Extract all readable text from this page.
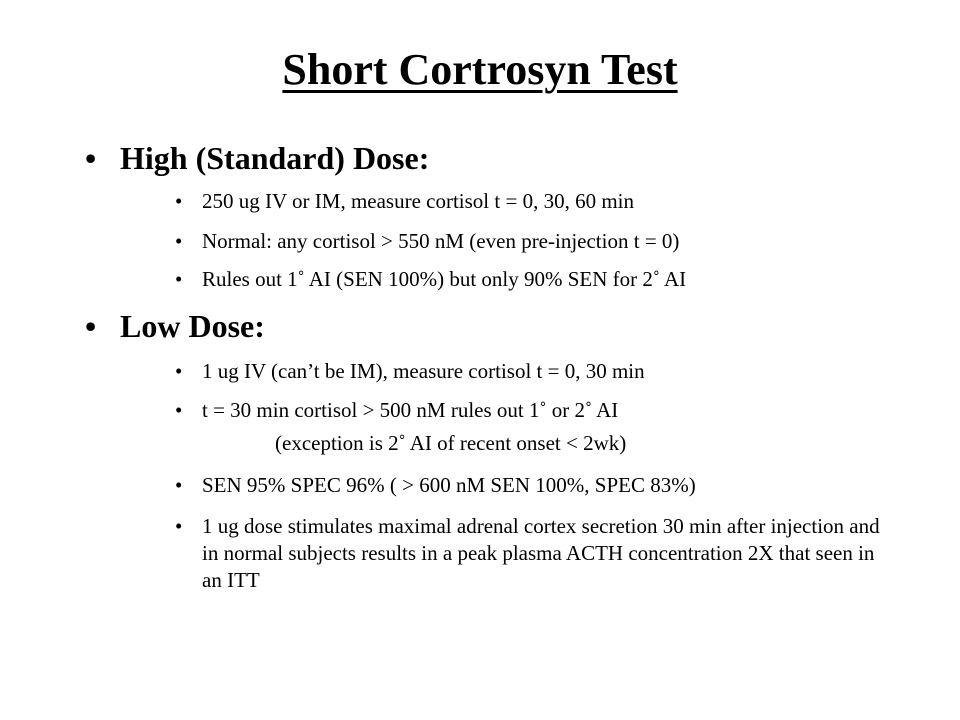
Short Cortrosyn Test
• High (Standard) Dose:
• 250 ug IV or IM, measure cortisol t = 0, 30, 60 min
• Normal: any cortisol > 550 nM (even pre-injection t = 0)
• Rules out 1˚ AI (SEN 100%) but only 90% SEN for 2˚ AI
• Low Dose:
• 1 ug IV (can’t be IM), measure cortisol t = 0, 30 min
• t = 30 min cortisol > 500 nM rules out 1˚ or 2˚ AI
(exception is 2˚ AI of recent onset < 2wk)
• SEN 95% SPEC 96% ( > 600 nM SEN 100%, SPEC 83%)
• 1 ug dose stimulates maximal adrenal cortex secretion 30 min after injection and in normal subjects results in a peak plasma ACTH concentration 2X that seen in an ITT
